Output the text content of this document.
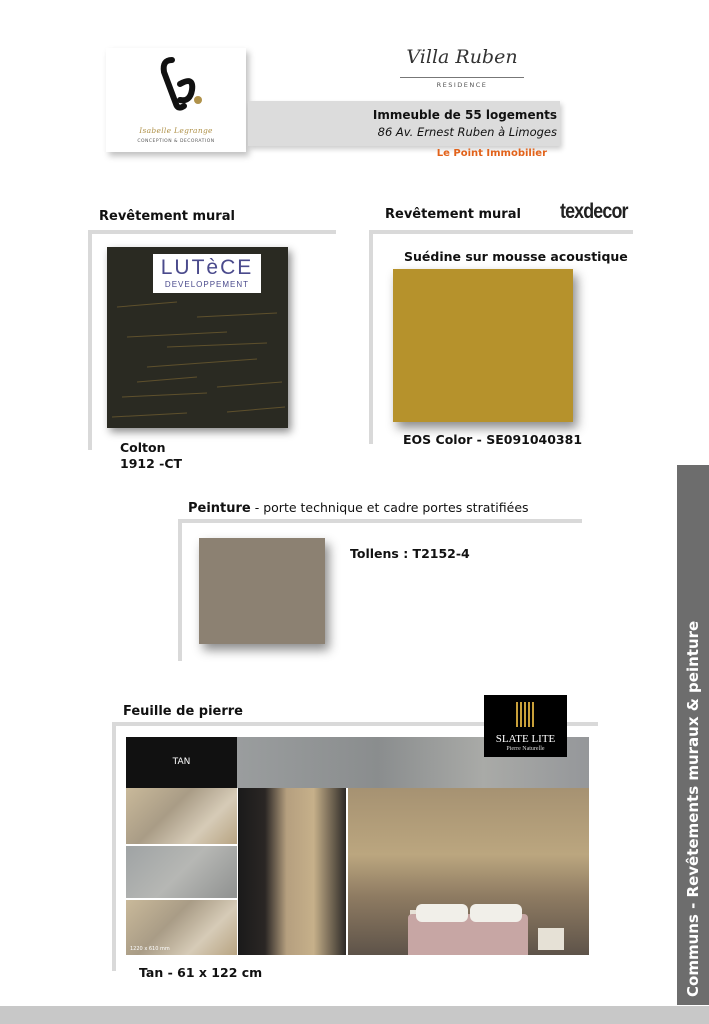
Isabelle Legrange
CONCEPTION & DECORATION
Villa Ruben
RESIDENCE
Immeuble de 55 logements
86 Av. Ernest Ruben à Limoges
Le Point Immobilier
Revêtement mural
LUTèCE
DEVELOPPEMENT
Colton
1912 -CT
Revêtement mural texdecor
Suédine sur mousse acoustique
EOS Color - SE091040381
Peinture - porte technique et cadre portes stratifiées
Tollens : T2152-4
Feuille de pierre
TAN
1220 x 610 mm
SLATE LITE
Pierre Naturelle
Tan - 61 x 122 cm	Communs - Revêtements muraux & peinture
